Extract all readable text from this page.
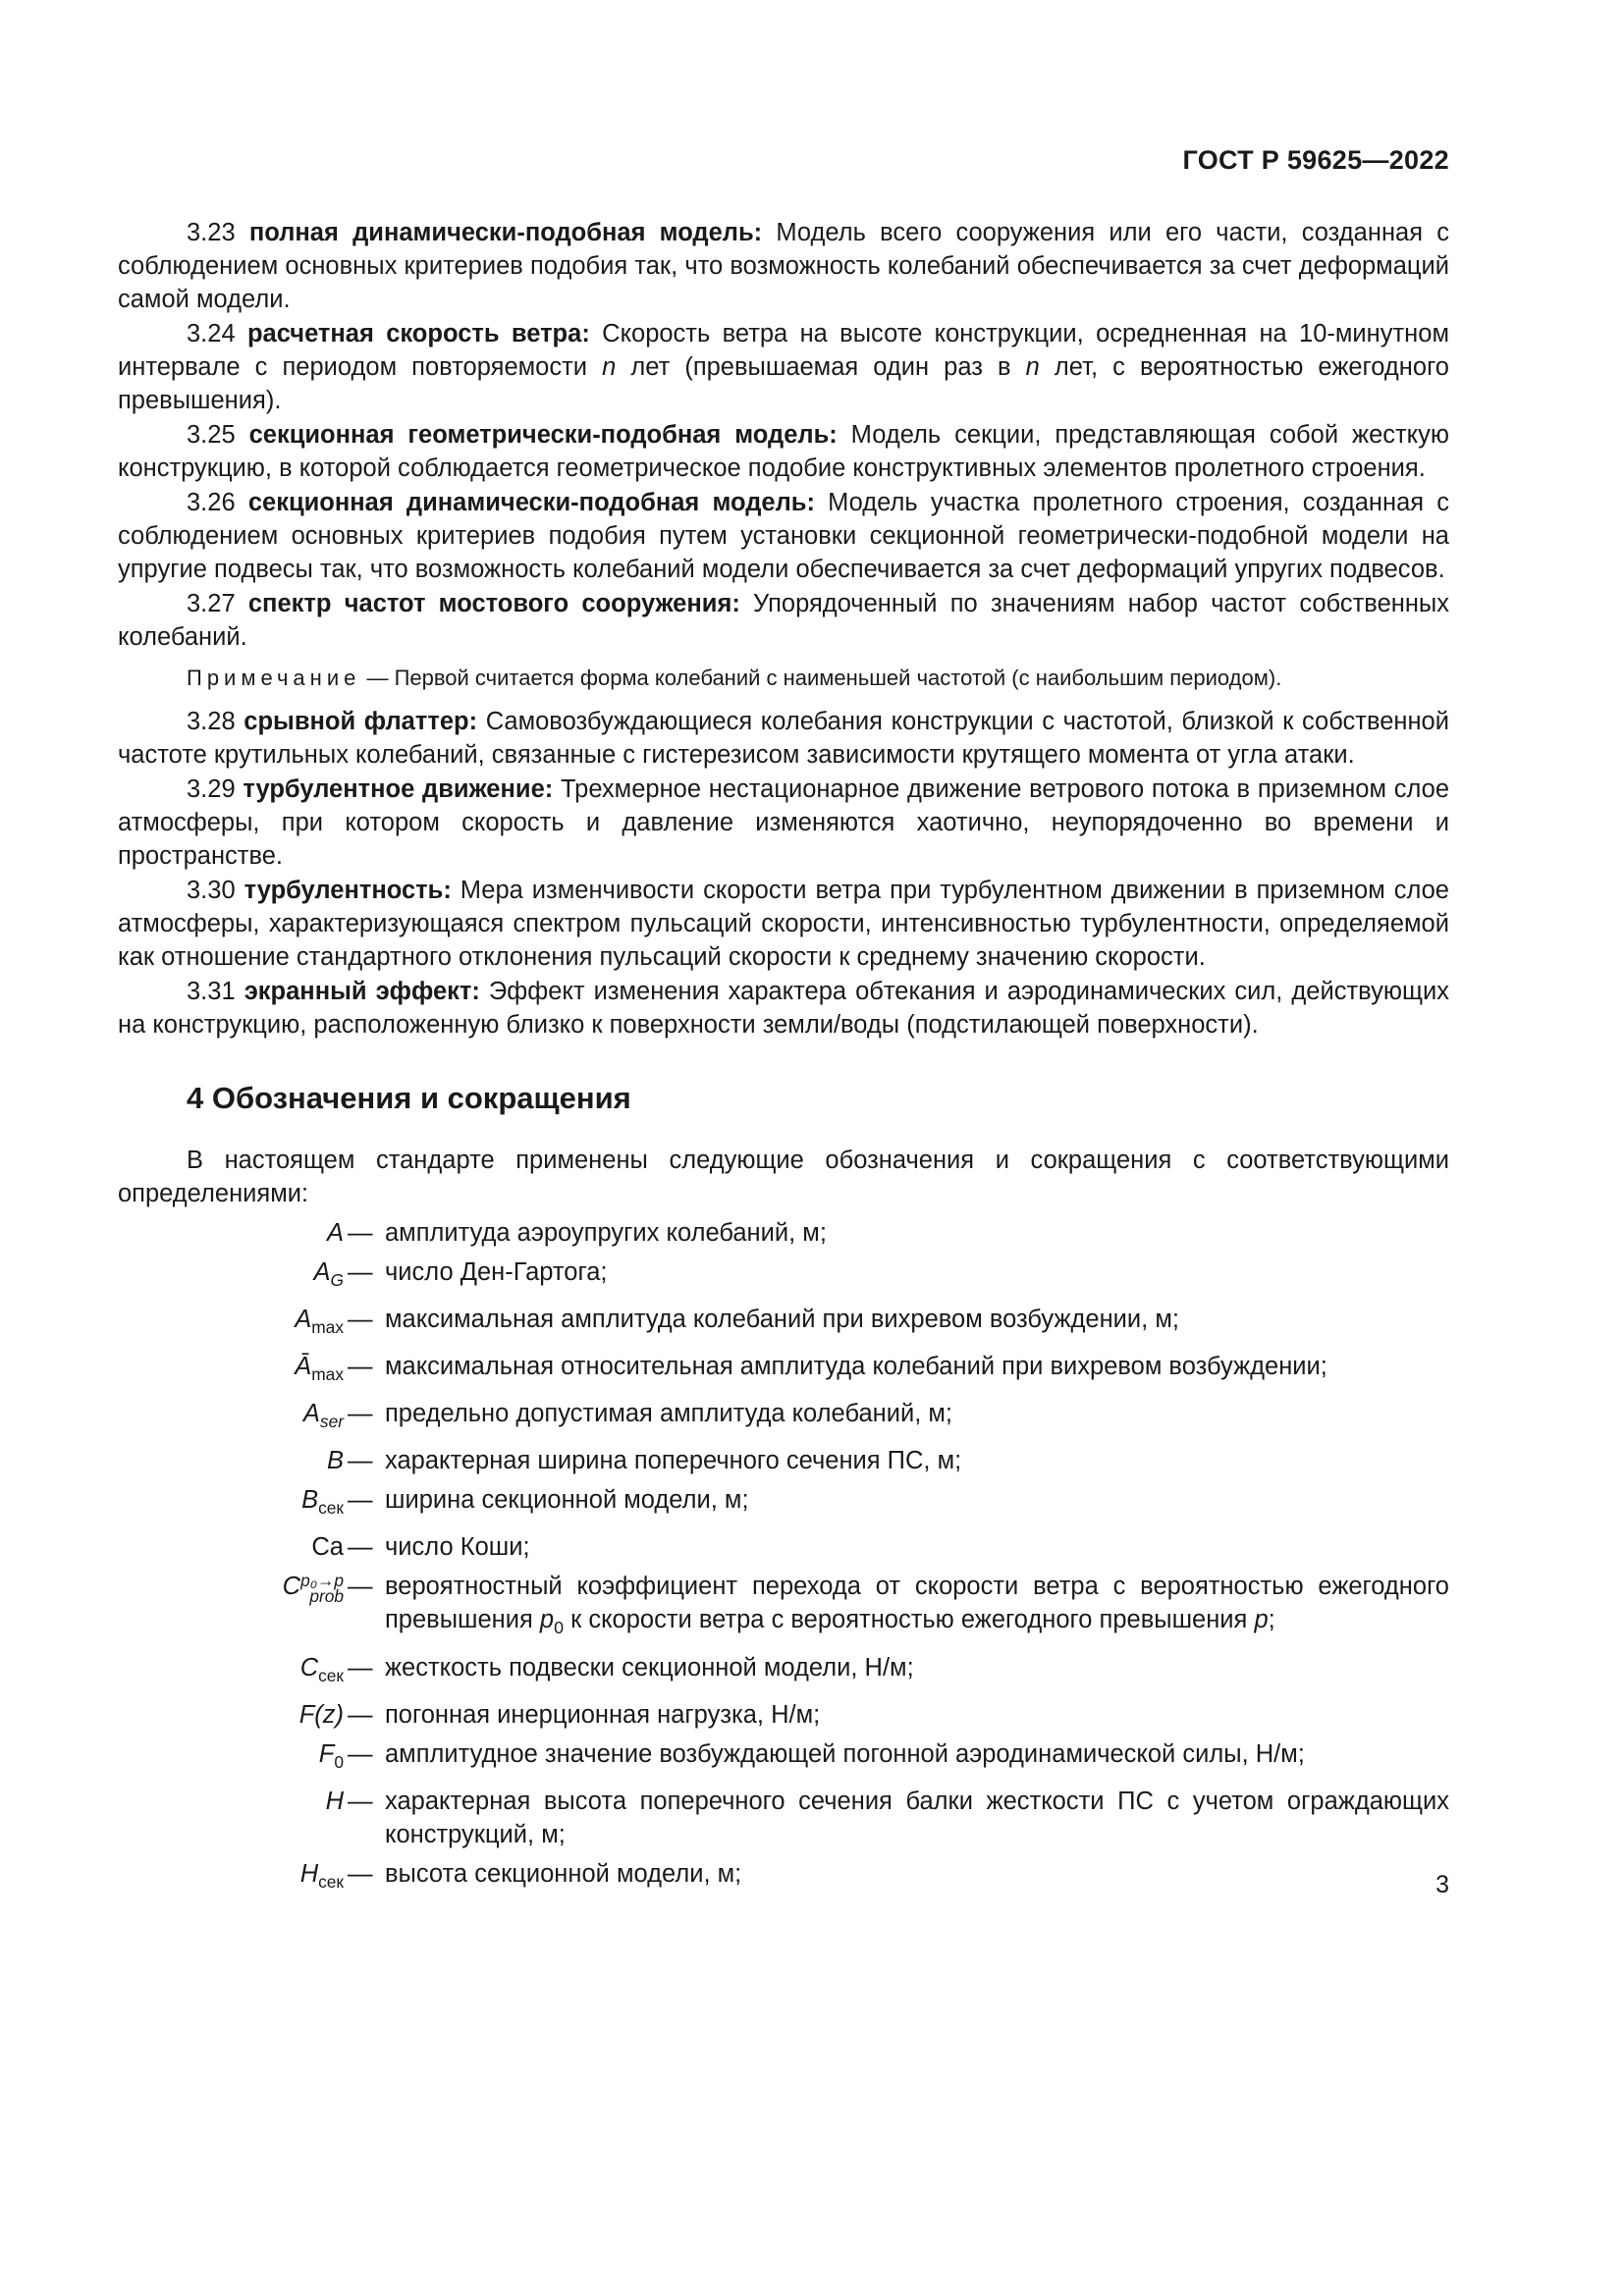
ГОСТ Р 59625—2022

3.23 полная динамически-подобная модель: Модель всего сооружения или его части, созданная с соблюдением основных критериев подобия так, что возможность колебаний обеспечивается за счет деформаций самой модели.

3.24 расчетная скорость ветра: Скорость ветра на высоте конструкции, осредненная на 10-минутном интервале с периодом повторяемости n лет (превышаемая один раз в n лет, с вероятностью ежегодного превышения).

3.25 секционная геометрически-подобная модель: Модель секции, представляющая собой жесткую конструкцию, в которой соблюдается геометрическое подобие конструктивных элементов пролетного строения.

3.26 секционная динамически-подобная модель: Модель участка пролетного строения, созданная с соблюдением основных критериев подобия путем установки секционной геометрически-подобной модели на упругие подвесы так, что возможность колебаний модели обеспечивается за счет деформаций упругих подвесов.

3.27 спектр частот мостового сооружения: Упорядоченный по значениям набор частот собственных колебаний.

Примечание — Первой считается форма колебаний с наименьшей частотой (с наибольшим периодом).

3.28 срывной флаттер: Самовозбуждающиеся колебания конструкции с частотой, близкой к собственной частоте крутильных колебаний, связанные с гистерезисом зависимости крутящего момента от угла атаки.

3.29 турбулентное движение: Трехмерное нестационарное движение ветрового потока в приземном слое атмосферы, при котором скорость и давление изменяются хаотично, неупорядоченно во времени и пространстве.

3.30 турбулентность: Мера изменчивости скорости ветра при турбулентном движении в приземном слое атмосферы, характеризующаяся спектром пульсаций скорости, интенсивностью турбулентности, определяемой как отношение стандартного отклонения пульсаций скорости к среднему значению скорости.

3.31 экранный эффект: Эффект изменения характера обтекания и аэродинамических сил, действующих на конструкцию, расположенную близко к поверхности земли/воды (подстилающей поверхности).

4 Обозначения и сокращения

В настоящем стандарте применены следующие обозначения и сокращения с соответствующими определениями:

A — амплитуда аэроупругих колебаний, м;
$A_G$ — число Ден-Гартога;
$A_{max}$ — максимальная амплитуда колебаний при вихревом возбуждении, м;
$Ā_{max}$ — максимальная относительная амплитуда колебаний при вихревом возбуждении;
$A_{ser}$ — предельно допустимая амплитуда колебаний, м;
B — характерная ширина поперечного сечения ПС, м;
$B_{сек}$ — ширина секционной модели, м;
Ca — число Коши;
C p₀→p
prob — вероятностный коэффициент перехода от скорости ветра с вероятностью ежегодного превышения $p_0$ к скорости ветра с вероятностью ежегодного превышения p;
$C_{сек}$ — жесткость подвески секционной модели, Н/м;
F(z) — погонная инерционная нагрузка, Н/м;
$F_0$ — амплитудное значение возбуждающей погонной аэродинамической силы, Н/м;
H — характерная высота поперечного сечения балки жесткости ПС с учетом ограждающих конструкций, м;
$H_{сек}$ — высота секционной модели, м;	3
